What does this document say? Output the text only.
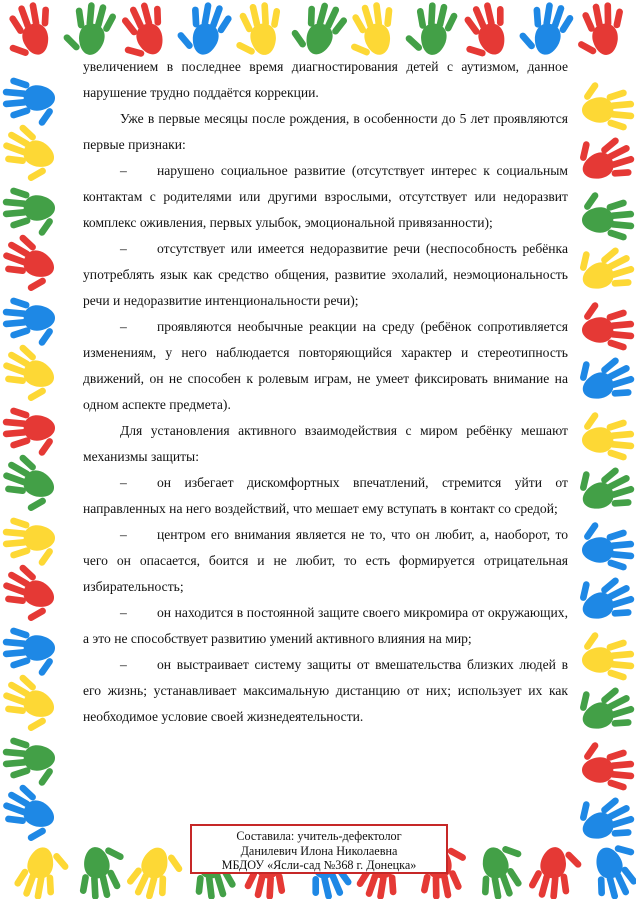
увеличением в последнее время диагностирования детей с аутизмом, данное нарушение трудно поддаётся коррекции.

Уже в первые месяцы после рождения, в особенности до 5 лет проявляются первые признаки:

– нарушено социальное развитие (отсутствует интерес к социальным контактам с родителями или другими взрослыми, отсутствует или недоразвит комплекс оживления, первых улыбок, эмоциональной привязанности);

– отсутствует или имеется недоразвитие речи (неспособность ребёнка употреблять язык как средство общения, развитие эхолалий, неэмоциональность речи и недоразвитие интенциональности речи);

– проявляются необычные реакции на среду (ребёнок сопротивляется изменениям, у него наблюдается повторяющийся характер и стереотипность движений, он не способен к ролевым играм, не умеет фиксировать внимание на одном аспекте предмета).

Для установления активного взаимодействия с миром ребёнку мешают механизмы защиты:

– он избегает дискомфортных впечатлений, стремится уйти от направленных на него воздействий, что мешает ему вступать в контакт со средой;

– центром его внимания является не то, что он любит, а, наоборот, то чего он опасается, боится и не любит, то есть формируется отрицательная избирательность;

– он находится в постоянной защите своего микромира от окружающих, а это не способствует развитию умений активного влияния на мир;

– он выстраивает систему защиты от вмешательства близких людей в его жизнь; устанавливает максимальную дистанцию от них; использует их как необходимое условие своей жизнедеятельности.

Составила: учитель-дефектолог
Данилевич Илона Николаевна
МБДОУ «Ясли-сад №368 г. Донецка»
